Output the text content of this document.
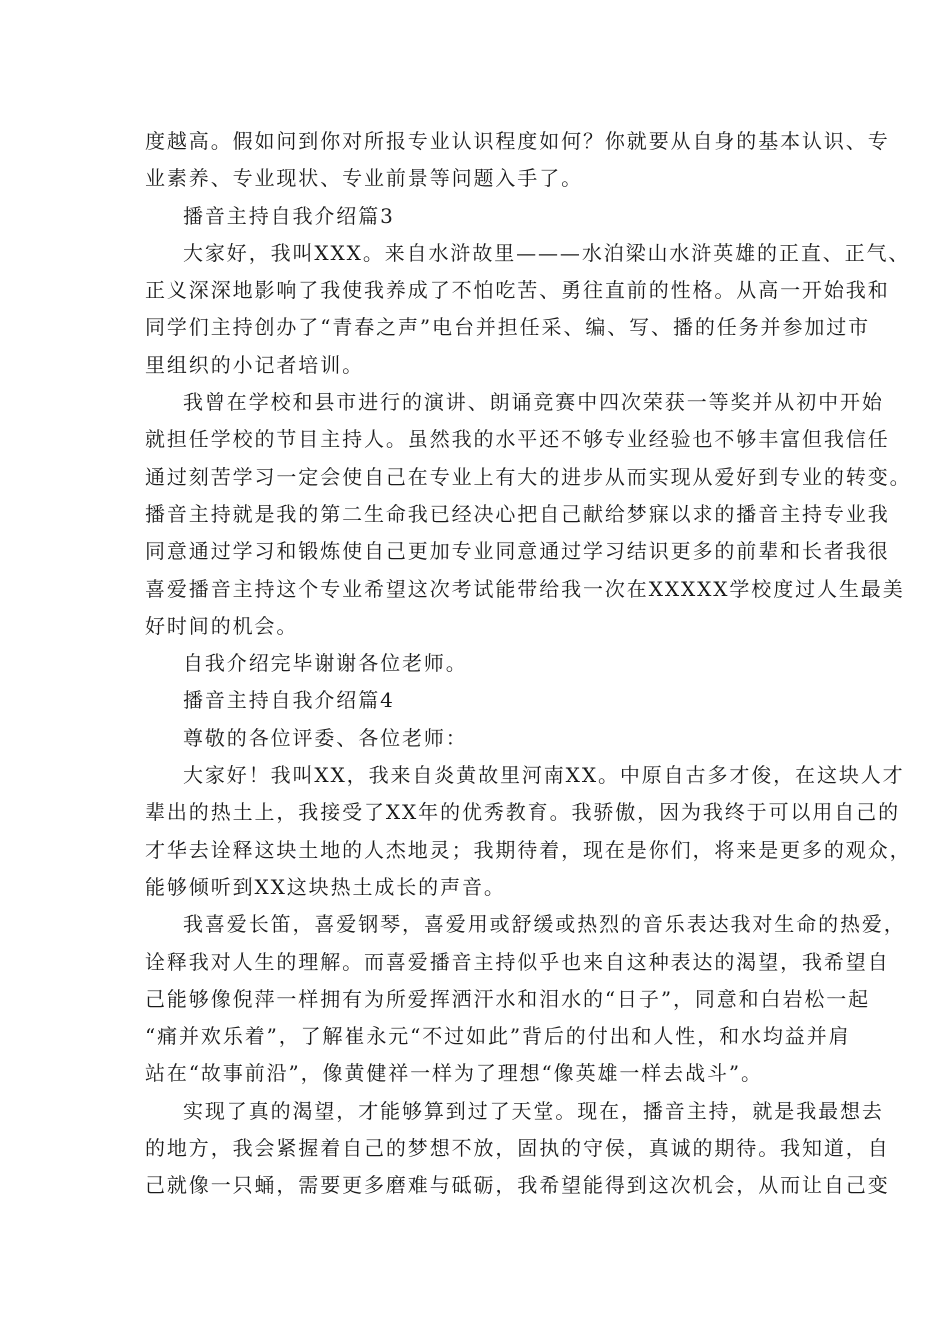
度越高。假如问到你对所报专业认识程度如何？你就要从自身的基本认识、专
业素养、专业现状、专业前景等问题入手了。
播音主持自我介绍篇3
大家好，我叫XXX。来自水浒故里———水泊梁山水浒英雄的正直、正气、
正义深深地影响了我使我养成了不怕吃苦、勇往直前的性格。从高一开始我和
同学们主持创办了“青春之声”电台并担任采、编、写、播的任务并参加过市
里组织的小记者培训。
我曾在学校和县市进行的演讲、朗诵竞赛中四次荣获一等奖并从初中开始
就担任学校的节目主持人。虽然我的水平还不够专业经验也不够丰富但我信任
通过刻苦学习一定会使自己在专业上有大的进步从而实现从爱好到专业的转变。
播音主持就是我的第二生命我已经决心把自己献给梦寐以求的播音主持专业我
同意通过学习和锻炼使自己更加专业同意通过学习结识更多的前辈和长者我很
喜爱播音主持这个专业希望这次考试能带给我一次在XXXXX学校度过人生最美
好时间的机会。
自我介绍完毕谢谢各位老师。
播音主持自我介绍篇4
尊敬的各位评委、各位老师：
大家好！我叫XX，我来自炎黄故里河南XX。中原自古多才俊，在这块人才
辈出的热土上，我接受了XX年的优秀教育。我骄傲，因为我终于可以用自己的
才华去诠释这块土地的人杰地灵；我期待着，现在是你们，将来是更多的观众，
能够倾听到XX这块热土成长的声音。
我喜爱长笛，喜爱钢琴，喜爱用或舒缓或热烈的音乐表达我对生命的热爱，
诠释我对人生的理解。而喜爱播音主持似乎也来自这种表达的渴望，我希望自
己能够像倪萍一样拥有为所爱挥洒汗水和泪水的“日子”，同意和白岩松一起
“痛并欢乐着”，了解崔永元“不过如此”背后的付出和人性，和水均益并肩
站在“故事前沿”，像黄健祥一样为了理想“像英雄一样去战斗”。
实现了真的渴望，才能够算到过了天堂。现在，播音主持，就是我最想去
的地方，我会紧握着自己的梦想不放，固执的守侯，真诚的期待。我知道，自
己就像一只蛹，需要更多磨难与砥砺，我希望能得到这次机会，从而让自己变
